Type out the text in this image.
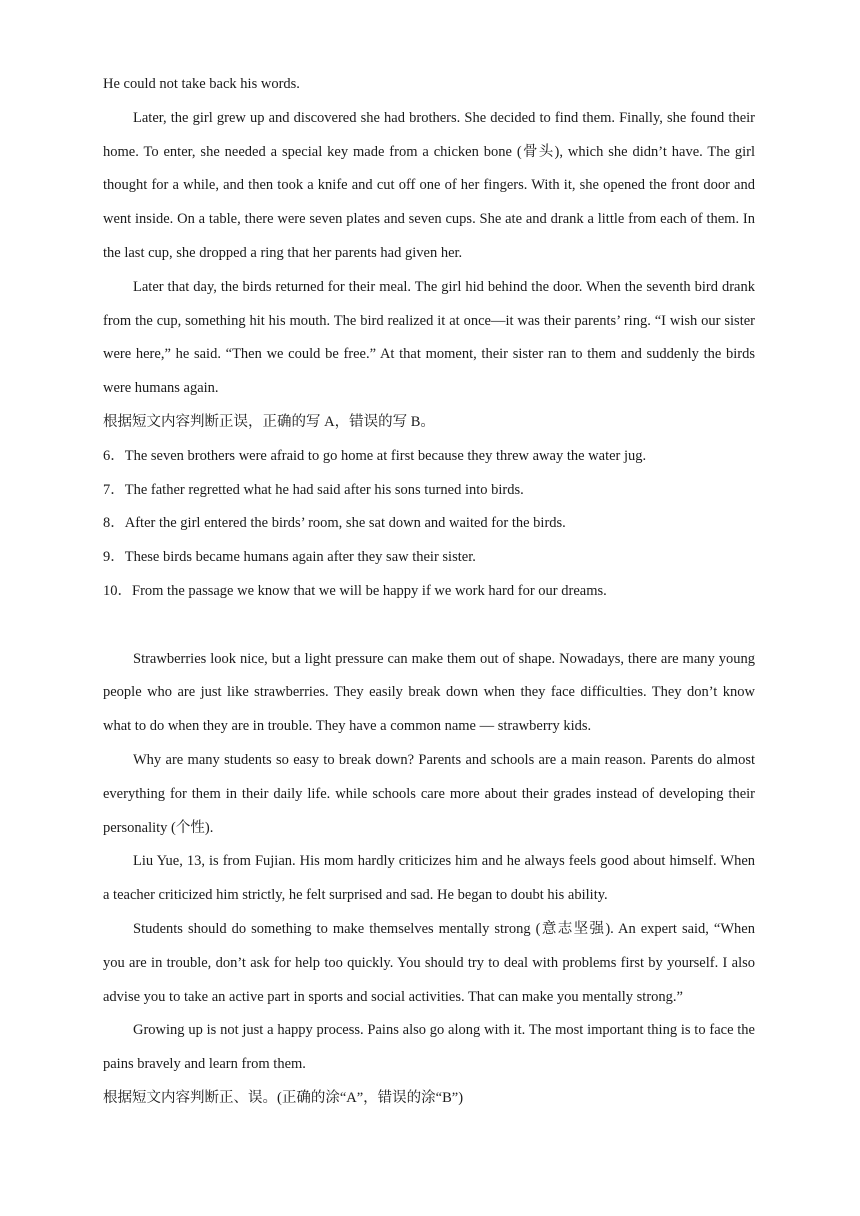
He could not take back his words.

Later, the girl grew up and discovered she had brothers. She decided to find them. Finally, she found their home. To enter, she needed a special key made from a chicken bone (骨头), which she didn’t have. The girl thought for a while, and then took a knife and cut off one of her fingers. With it, she opened the front door and went inside. On a table, there were seven plates and seven cups. She ate and drank a little from each of them. In the last cup, she dropped a ring that her parents had given her.

Later that day, the birds returned for their meal. The girl hid behind the door. When the seventh bird drank from the cup, something hit his mouth. The bird realized it at once—it was their parents’ ring. “I wish our sister were here,” he said. “Then we could be free.” At that moment, their sister ran to them and suddenly the birds were humans again.

根据短文内容判断正误，正确的写 A，错误的写 B。

6．The seven brothers were afraid to go home at first because they threw away the water jug.

7．The father regretted what he had said after his sons turned into birds.

8．After the girl entered the birds’ room, she sat down and waited for the birds.

9．These birds became humans again after they saw their sister.

10．From the passage we know that we will be happy if we work hard for our dreams.

Strawberries look nice, but a light pressure can make them out of shape. Nowadays, there are many young people who are just like strawberries. They easily break down when they face difficulties. They don’t know what to do when they are in trouble. They have a common name — strawberry kids.

Why are many students so easy to break down? Parents and schools are a main reason. Parents do almost everything for them in their daily life. while schools care more about their grades instead of developing their personality (个性).

Liu Yue, 13, is from Fujian. His mom hardly criticizes him and he always feels good about himself. When a teacher criticized him strictly, he felt surprised and sad. He began to doubt his ability.

Students should do something to make themselves mentally strong (意志坚强). An expert said, “When you are in trouble, don’t ask for help too quickly. You should try to deal with problems first by yourself. I also advise you to take an active part in sports and social activities. That can make you mentally strong.”

Growing up is not just a happy process. Pains also go along with it. The most important thing is to face the pains bravely and learn from them.

根据短文内容判断正、误。(正确的涂“A”，错误的涂“B”)
